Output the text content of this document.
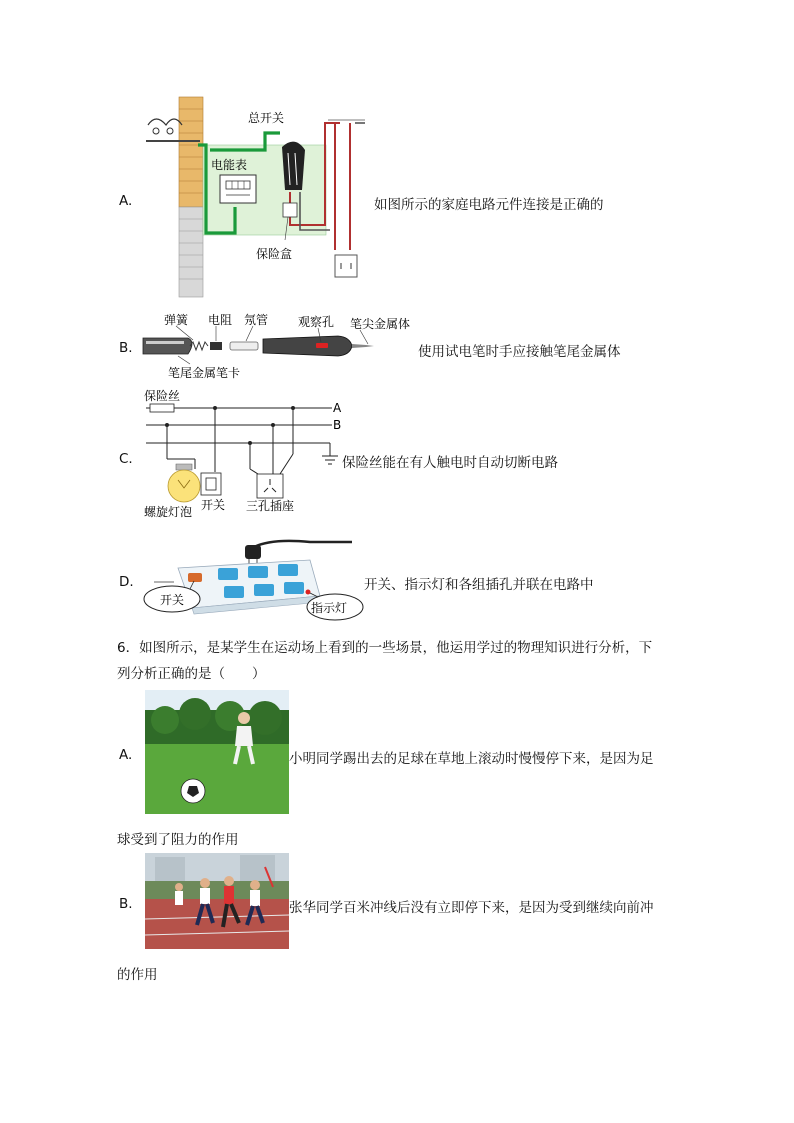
A.
总开关
电能表
保险盒
如图所示的家庭电路元件连接是正确的
B.
弹簧 电阻 氖管 观察孔 笔尖金属体
笔尾金属笔卡
使用试电笔时手应接触笔尾金属体
C.
保险丝
A
B
螺旋灯泡 开关 三孔插座
保险丝能在有人触电时自动切断电路
D.
开关
指示灯
开关、指示灯和各组插孔并联在电路中
6．如图所示，是某学生在运动场上看到的一些场景，他运用学过的物理知识进行分析，下
列分析正确的是（　　）
A.	小明同学踢出去的足球在草地上滚动时慢慢停下来，是因为足
球受到了阻力的作用
B.	张华同学百米冲线后没有立即停下来，是因为受到继续向前冲
的作用
